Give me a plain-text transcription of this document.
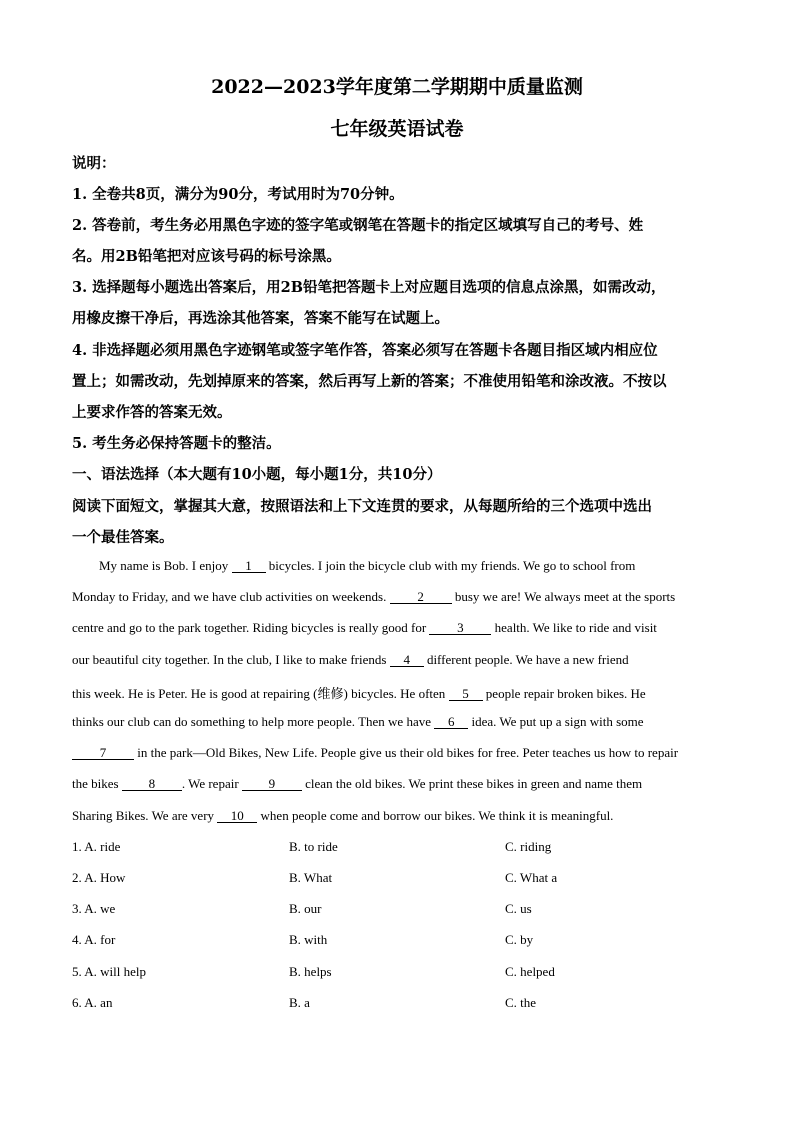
2022—2023学年度第二学期期中质量监测
七年级英语试卷
说明：
1. 全卷共8页，满分为90分，考试用时为70分钟。
2. 答卷前，考生务必用黑色字迹的签字笔或钢笔在答题卡的指定区域填写自己的考号、姓
名。用2B铅笔把对应该号码的标号涂黑。
3. 选择题每小题选出答案后，用2B铅笔把答题卡上对应题目选项的信息点涂黑，如需改动，
用橡皮擦干净后，再选涂其他答案，答案不能写在试题上。
4. 非选择题必须用黑色字迹钢笔或签字笔作答，答案必须写在答题卡各题目指区域内相应位
置上；如需改动，先划掉原来的答案，然后再写上新的答案；不准使用铅笔和涂改液。不按以
上要求作答的答案无效。
5. 考生务必保持答题卡的整洁。
一、语法选择（本大题有10小题，每小题1分，共10分）
阅读下面短文，掌握其大意，按照语法和上下文连贯的要求，从每题所给的三个选项中选出
一个最佳答案。
My name is Bob. I enjoy 1 bicycles. I join the bicycle club with my friends. We go to school from
Monday to Friday, and we have club activities on weekends. 2 busy we are! We always meet at the sports
centre and go to the park together. Riding bicycles is really good for 3 health. We like to ride and visit
our beautiful city together. In the club, I like to make friends 4 different people. We have a new friend
this week. He is Peter. He is good at repairing (维修) bicycles. He often 5 people repair broken bikes. He
thinks our club can do something to help more people. Then we have 6 idea. We put up a sign with some
7 in the park—Old Bikes, New Life. People give us their old bikes for free. Peter teaches us how to repair
the bikes 8 . We repair 9 clean the old bikes. We print these bikes in green and name them
Sharing Bikes. We are very 10 when people come and borrow our bikes. We think it is meaningful.
1. A. ride	B. to ride	C. riding
2. A. How	B. What	C. What a
3. A. we	B. our	C. us
4. A. for	B. with	C. by
5. A. will help	B. helps	C. helped
6. A. an	B. a	C. the
